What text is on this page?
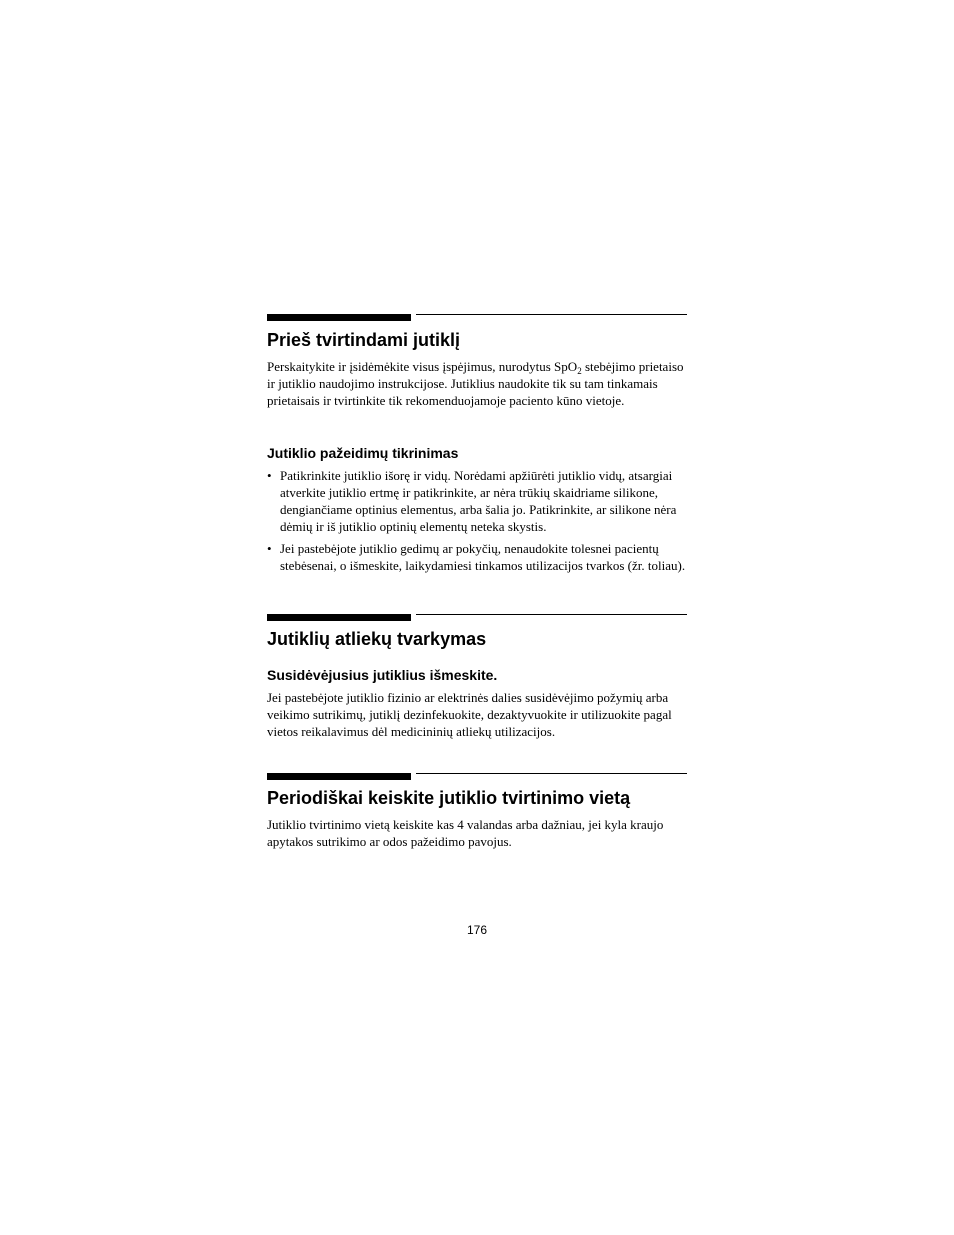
Prieš tvirtindami jutiklį

Perskaitykite ir įsidėmėkite visus įspėjimus, nurodytus SpO$_2$ stebėjimo prietaiso ir jutiklio naudojimo instrukcijose. Jutiklius naudokite tik su tam tinkamais prietaisais ir tvirtinkite tik rekomenduojamoje paciento kūno vietoje.

Jutiklio pažeidimų tikrinimas
• Patikrinkite jutiklio išorę ir vidų. Norėdami apžiūrėti jutiklio vidų, atsargiai atverkite jutiklio ertmę ir patikrinkite, ar nėra trūkių skaidriame silikone, dengiančiame optinius elementus, arba šalia jo. Patikrinkite, ar silikone nėra dėmių ir iš jutiklio optinių elementų neteka skystis.
• Jei pastebėjote jutiklio gedimų ar pokyčių, nenaudokite tolesnei pacientų stebėsenai, o išmeskite, laikydamiesi tinkamos utilizacijos tvarkos (žr. toliau).
Jutiklių atliekų tvarkymas
Susidėvėjusius jutiklius išmeskite.

Jei pastebėjote jutiklio fizinio ar elektrinės dalies susidėvėjimo požymių arba veikimo sutrikimų, jutiklį dezinfekuokite, dezaktyvuokite ir utilizuokite pagal vietos reikalavimus dėl medicininių atliekų utilizacijos.

Periodiškai keiskite jutiklio tvirtinimo vietą

Jutiklio tvirtinimo vietą keiskite kas 4 valandas arba dažniau, jei kyla kraujo apytakos sutrikimo ar odos pažeidimo pavojus.

176
